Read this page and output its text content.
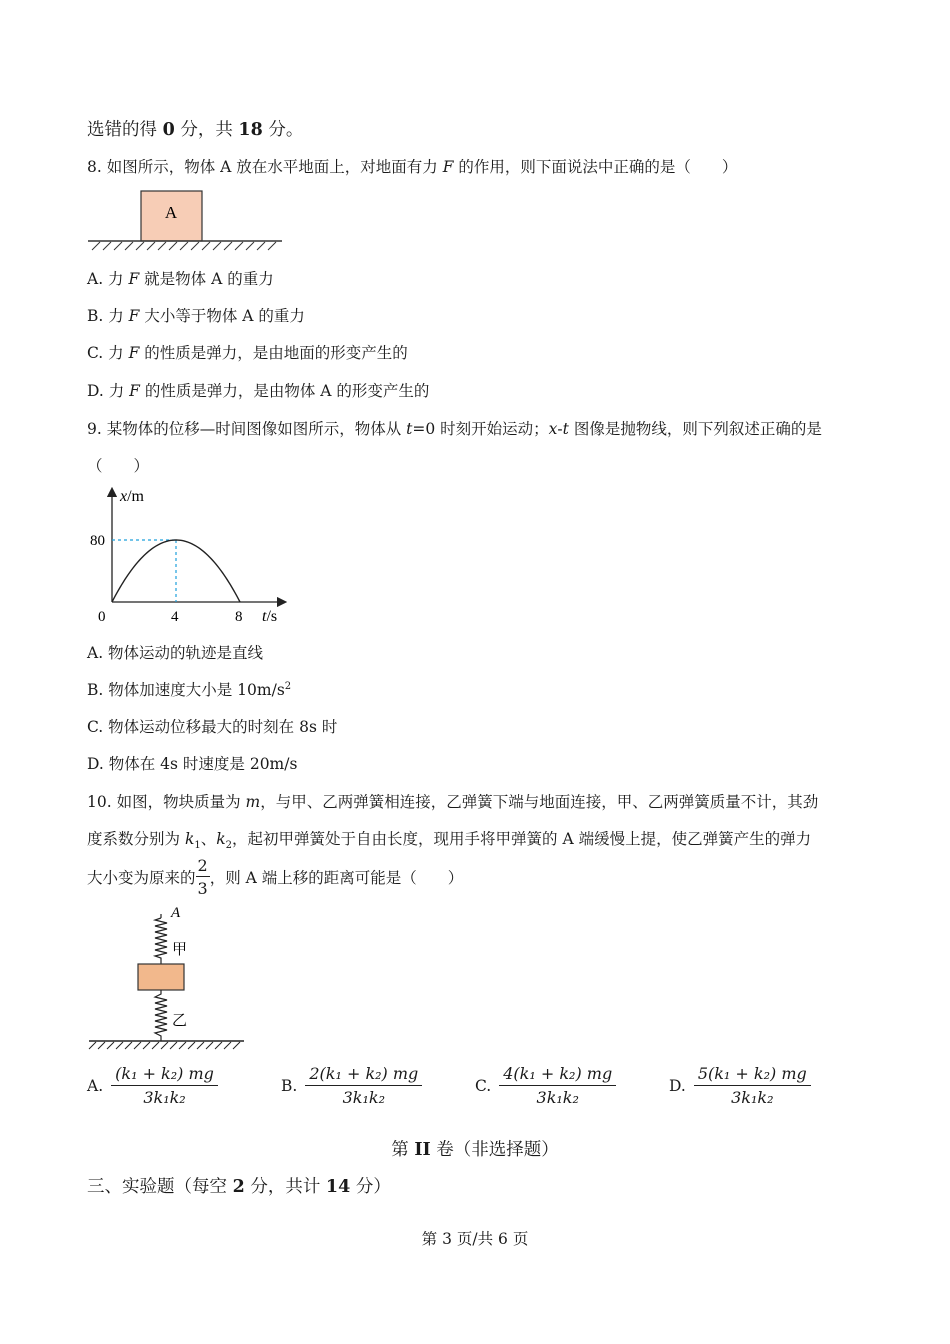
选错的得 0 分，共 18 分。
8. 如图所示，物体 A 放在水平地面上，对地面有力 F 的作用，则下面说法中正确的是（　　）
A
A. 力 F 就是物体 A 的重力
B. 力 F 大小等于物体 A 的重力
C. 力 F 的性质是弹力，是由地面的形变产生的
D. 力 F 的性质是弹力，是由物体 A 的形变产生的
9. 某物体的位移—时间图像如图所示，物体从 t=0 时刻开始运动；x-t 图像是抛物线，则下列叙述正确的是
（　　）
0	4	8
80
t/s
x/m
A. 物体运动的轨迹是直线
B. 物体加速度大小是 $10m/s^2$
C. 物体运动位移最大的时刻在 8s 时
D. 物体在 4s 时速度是 20m/s
10. 如图，物块质量为 m，与甲、乙两弹簧相连接，乙弹簧下端与地面连接，甲、乙两弹簧质量不计，其劲
度系数分别为 $k_1$、$k_2$，起初甲弹簧处于自由长度，现用手将甲弹簧的 A 端缓慢上提，使乙弹簧产生的弹力
大小变为原来的 $\frac{2}{3}$ ，则 A 端上移的距离可能是（　　）
A
甲
乙
A. $\frac{\text{(k₁ + k₂) mg}}{\text{3k₁k₂}}$	B. $\frac{\text{2(k₁ + k₂) mg}}{\text{3k₁k₂}}$	C. $\frac{\text{4(k₁ + k₂) mg}}{\text{3k₁k₂}}$	D. $\frac{\text{5(k₁ + k₂) mg}}{\text{3k₁k₂}}$
第 II 卷（非选择题）
三、实验题（每空 2 分，共计 14 分）
第 3 页/共 6 页
